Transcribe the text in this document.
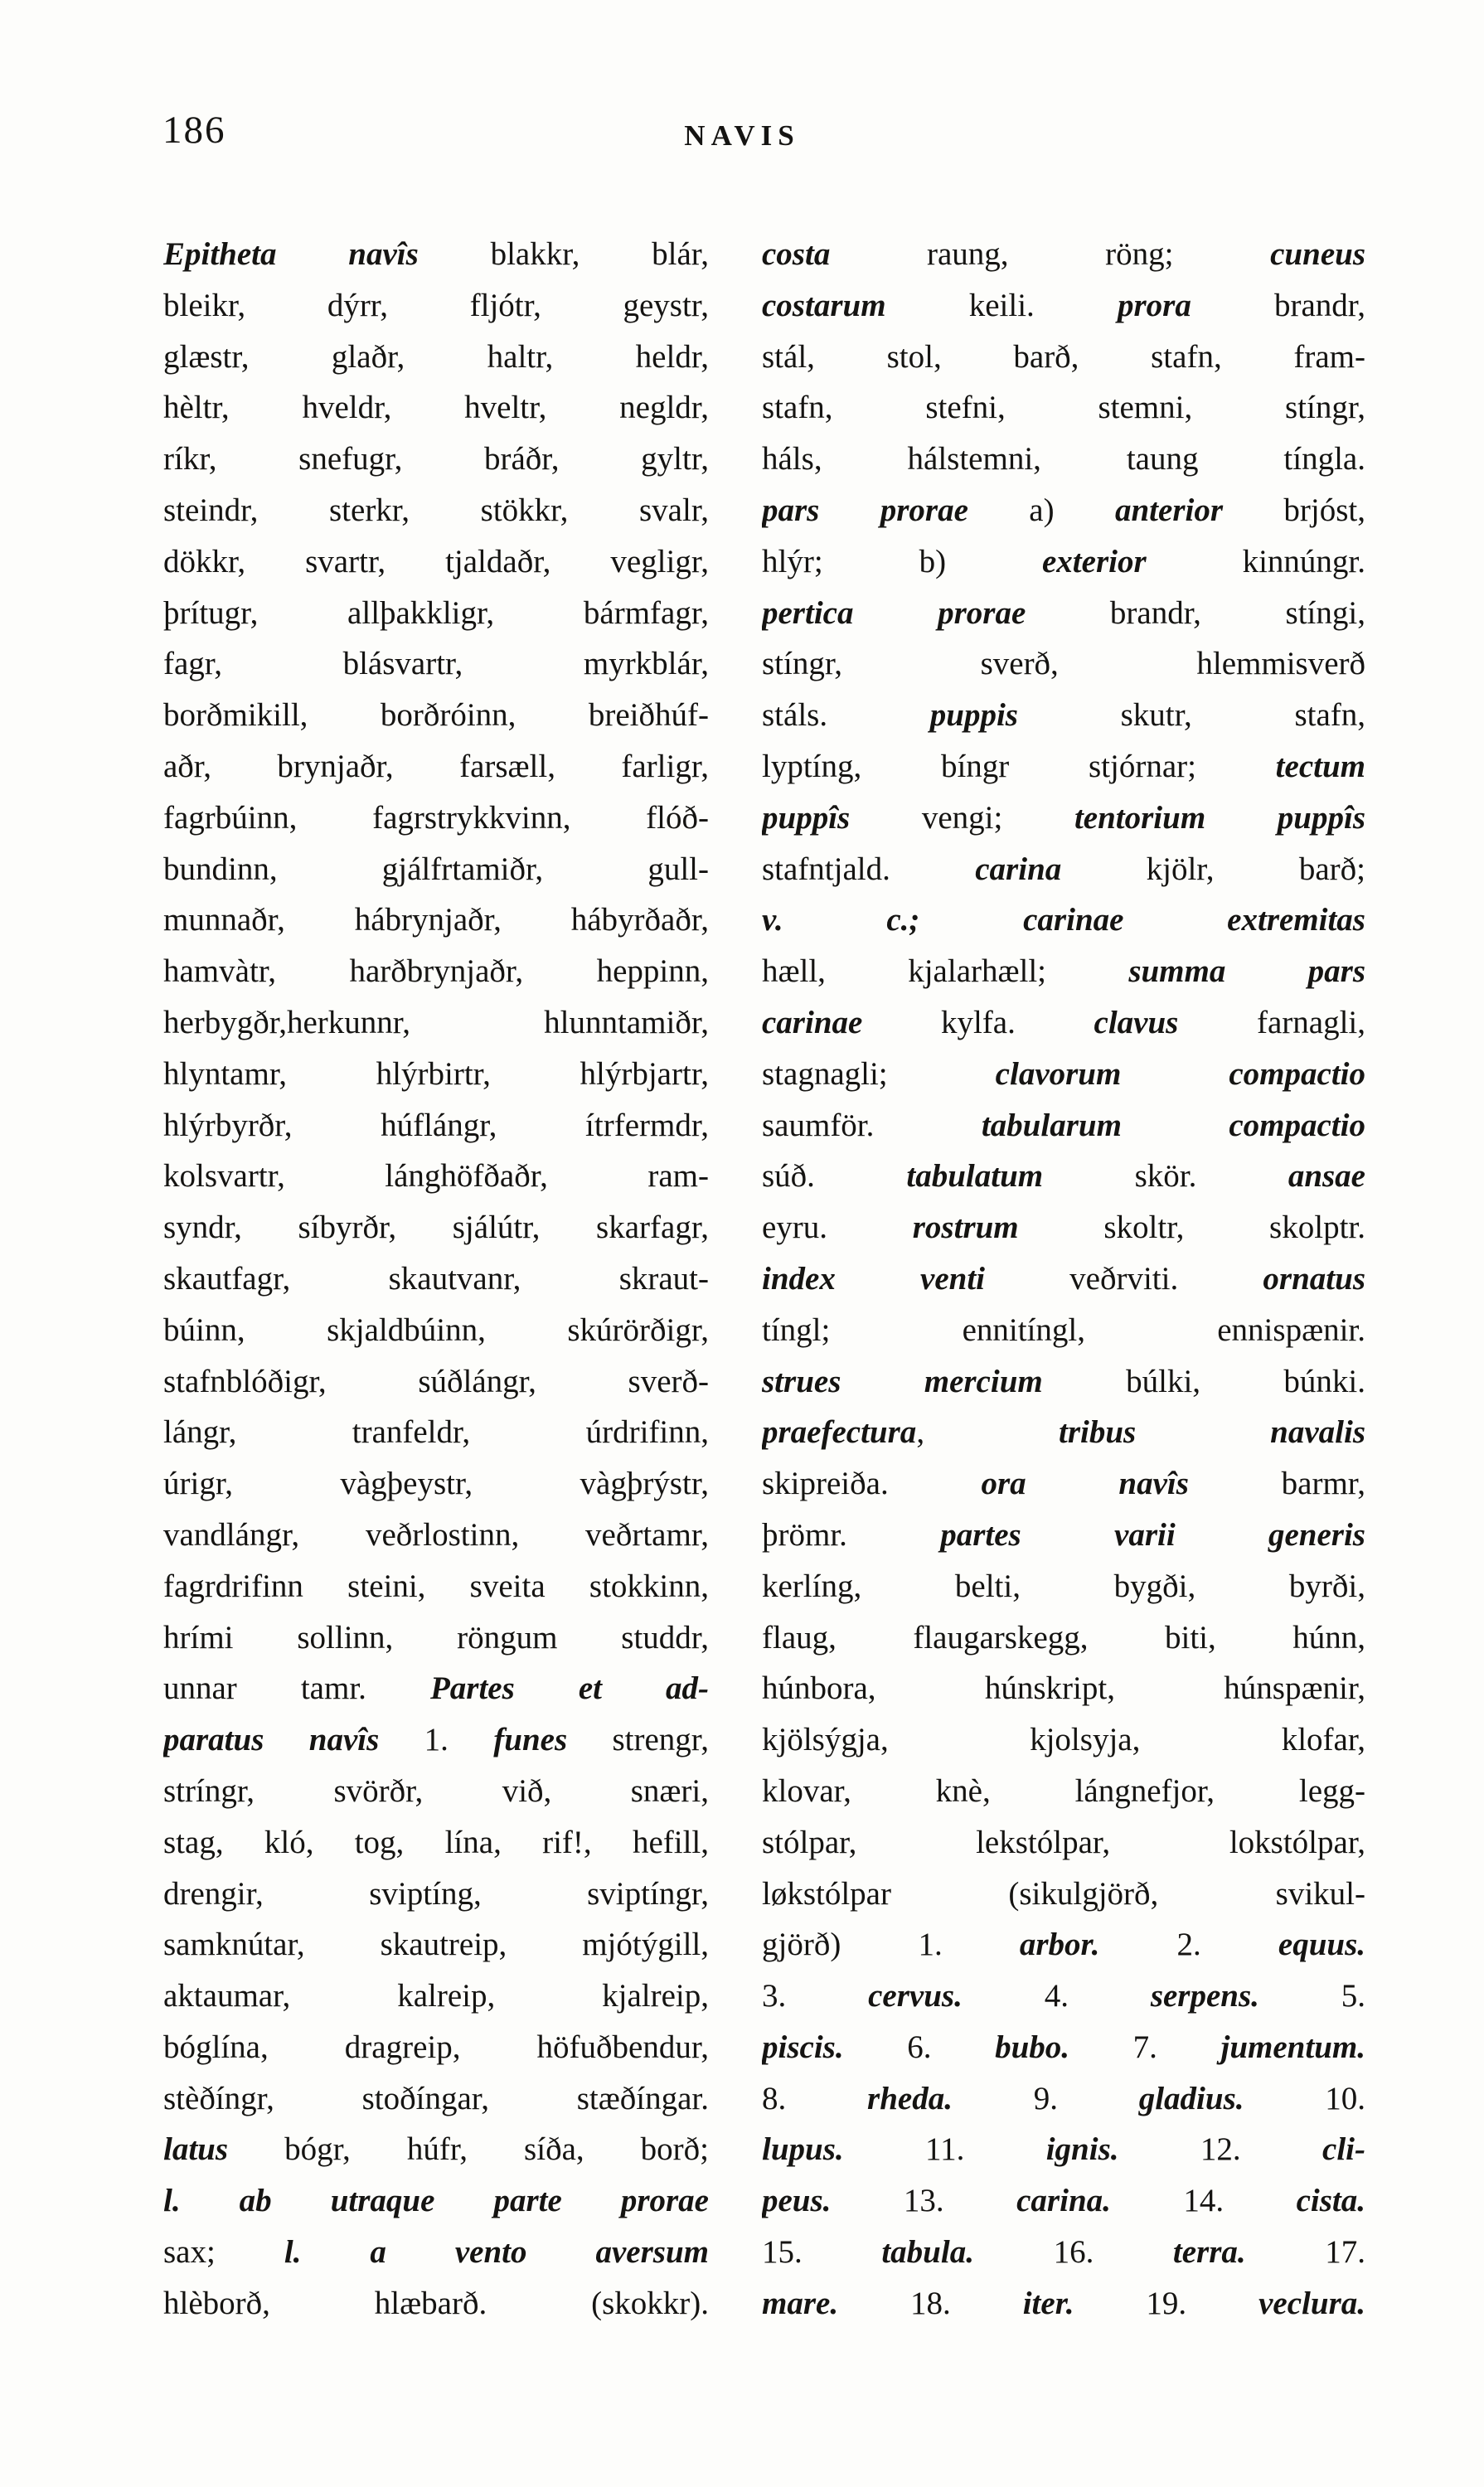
186	NAVIS
Epitheta navîs blakkr, blár,
bleikr, dýrr, fljótr, geystr,
glæstr, glaðr, haltr, heldr,
hèltr, hveldr, hveltr, negldr,
ríkr, snefugr, bráðr, gyltr,
steindr, sterkr, stökkr, svalr,
dökkr, svartr, tjaldaðr, vegligr,
þrítugr, allþakkligr, bármfagr,
fagr, blásvartr, myrkblár,
borðmikill, borðróinn, breiðhúf-
aðr, brynjaðr, farsæll, farligr,
fagrbúinn, fagrstrykkvinn, flóð-
bundinn, gjálfrtamiðr, gull-
munnaðr, hábrynjaðr, hábyrðaðr,
hamvàtr, harðbrynjaðr, heppinn,
herbygðr,herkunnr, hlunntamiðr,
hlyntamr, hlýrbirtr, hlýrbjartr,
hlýrbyrðr, húflángr, ítrfermdr,
kolsvartr, lánghöfðaðr, ram-
syndr, síbyrðr, sjálútr, skarfagr,
skautfagr, skautvanr, skraut-
búinn, skjaldbúinn, skúrörðigr,
stafnblóðigr, súðlángr, sverð-
lángr, tranfeldr, úrdrifinn,
úrigr, vàgþeystr, vàgþrýstr,
vandlángr, veðrlostinn, veðrtamr,
fagrdrifinn steini, sveita stokkinn,
hrími sollinn, röngum studdr,
unnar tamr. Partes et ad-
paratus navîs 1. funes strengr,
stríngr, svörðr, við, snæri,
stag, kló, tog, lína, rif!, hefill,
drengir, sviptíng, sviptíngr,
samknútar, skautreip, mjótýgill,
aktaumar, kalreip, kjalreip,
bóglína, dragreip, höfuðbendur,
stèðíngr, stoðíngar, stæðíngar.
latus bógr, húfr, síða, borð;
l. ab utraque parte prorae
sax; l. a vento aversum
hlèborð, hlæbarð. (skokkr).
costa raung, röng; cuneus
costarum keili. prora brandr,
stál, stol, barð, stafn, fram-
stafn, stefni, stemni, stíngr,
háls, hálstemni, taung tíngla.
pars prorae a) anterior brjóst,
hlýr; b) exterior kinnúngr.
pertica prorae brandr, stíngi,
stíngr, sverð, hlemmisverð
stáls. puppis skutr, stafn,
lyptíng, bíngr stjórnar; tectum
puppîs vengi; tentorium puppîs
stafntjald. carina kjölr, barð;
v. c.; carinae extremitas
hæll, kjalarhæll; summa pars
carinae kylfa. clavus farnagli,
stagnagli; clavorum compactio
saumför. tabularum compactio
súð. tabulatum skör. ansae
eyru. rostrum skoltr, skolptr.
index venti veðrviti. ornatus
tíngl; ennitíngl, ennispænir.
strues mercium búlki, búnki.
praefectura, tribus navalis
skipreiða. ora navîs barmr,
þrömr. partes varii generis
kerlíng, belti, bygði, byrði,
flaug, flaugarskegg, biti, húnn,
húnbora, húnskript, húnspænir,
kjölsýgja, kjolsyja, klofar,
klovar, knè, lángnefjor, legg-
stólpar, lekstólpar, lokstólpar,
løkstólpar (sikulgjörð, svikul-
gjörð) 1. arbor. 2. equus.
3. cervus. 4. serpens. 5.
piscis. 6. bubo. 7. jumentum.
8. rheda. 9. gladius. 10.
lupus. 11. ignis. 12. cli-
peus. 13. carina. 14. cista.
15. tabula. 16. terra. 17.
mare. 18. iter. 19. veclura.
